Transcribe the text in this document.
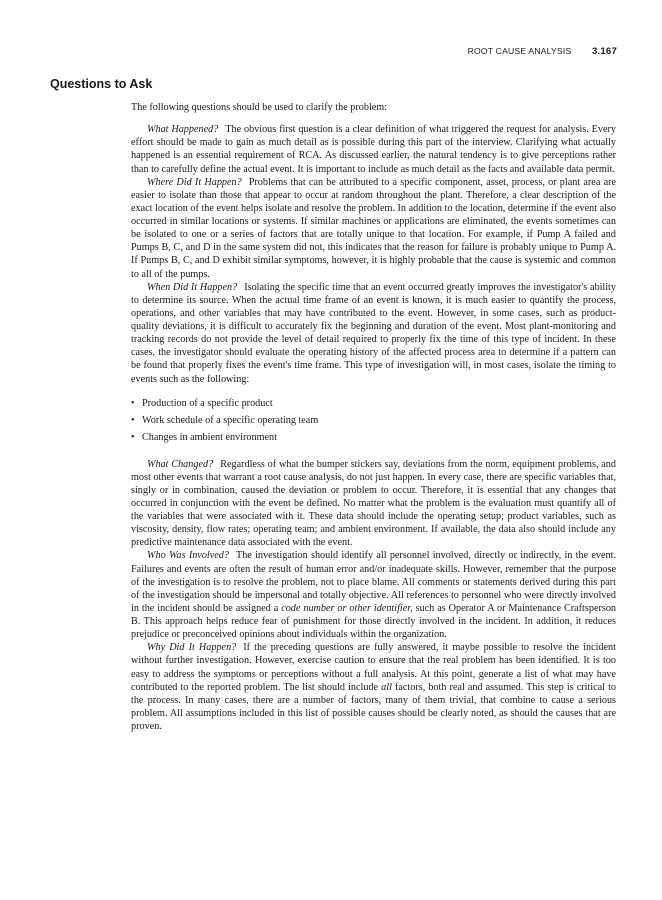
ROOT CAUSE ANALYSIS 3.167
Questions to Ask

The following questions should be used to clarify the problem:

What Happened? The obvious first question is a clear definition of what triggered the request for analysis. Every effort should be made to gain as much detail as is possible during this part of the interview. Clarifying what actually happened is an essential requirement of RCA. As discussed earlier, the natural tendency is to give perceptions rather than to carefully define the actual event. It is important to include as much detail as the facts and available data permit.

Where Did It Happen? Problems that can be attributed to a specific component, asset, process, or plant area are easier to isolate than those that appear to occur at random throughout the plant. Therefore, a clear description of the exact location of the event helps isolate and resolve the problem. In addition to the location, determine if the event also occurred in similar locations or systems. If similar machines or applications are eliminated, the events sometimes can be isolated to one or a series of factors that are totally unique to that location. For example, if Pump A failed and Pumps B, C, and D in the same system did not, this indicates that the reason for failure is probably unique to Pump A. If Pumps B, C, and D exhibit similar symptoms, however, it is highly probable that the cause is systemic and common to all of the pumps.

When Did It Happen? Isolating the specific time that an event occurred greatly improves the investigator's ability to determine its source. When the actual time frame of an event is known, it is much easier to quantify the process, operations, and other variables that may have contributed to the event. However, in some cases, such as product-quality deviations, it is difficult to accurately fix the beginning and duration of the event. Most plant-monitoring and tracking records do not provide the level of detail required to properly fix the time of this type of incident. In these cases, the investigator should evaluate the operating history of the affected process area to determine if a pattern can be found that properly fixes the event's time frame. This type of investigation will, in most cases, isolate the timing to events such as the following:

• Production of a specific product
• Work schedule of a specific operating team
• Changes in ambient environment

What Changed? Regardless of what the bumper stickers say, deviations from the norm, equipment problems, and most other events that warrant a root cause analysis, do not just happen. In every case, there are specific variables that, singly or in combination, caused the deviation or problem to occur. Therefore, it is essential that any changes that occurred in conjunction with the event be defined. No matter what the problem is the evaluation must quantify all of the variables that were associated with it. These data should include the operating setup; product variables, such as viscosity, density, flow rates; operating team; and ambient environment. If available, the data also should include any predictive maintenance data associated with the event.

Who Was Involved? The investigation should identify all personnel involved, directly or indirectly, in the event. Failures and events are often the result of human error and/or inadequate skills. However, remember that the purpose of the investigation is to resolve the problem, not to place blame. All comments or statements derived during this part of the investigation should be impersonal and totally objective. All references to personnel who were directly involved in the incident should be assigned a code number or other identifier, such as Operator A or Maintenance Craftsperson B. This approach helps reduce fear of punishment for those directly involved in the incident. In addition, it reduces prejudice or preconceived opinions about individuals within the organization.

Why Did It Happen? If the preceding questions are fully answered, it maybe possible to resolve the incident without further investigation. However, exercise caution to ensure that the real problem has been identified. It is too easy to address the symptoms or perceptions without a full analysis. At this point, generate a list of what may have contributed to the reported problem. The list should include all factors, both real and assumed. This step is critical to the process. In many cases, there are a number of factors, many of them trivial, that combine to cause a serious problem. All assumptions included in this list of possible causes should be clearly noted, as should the causes that are proven.
